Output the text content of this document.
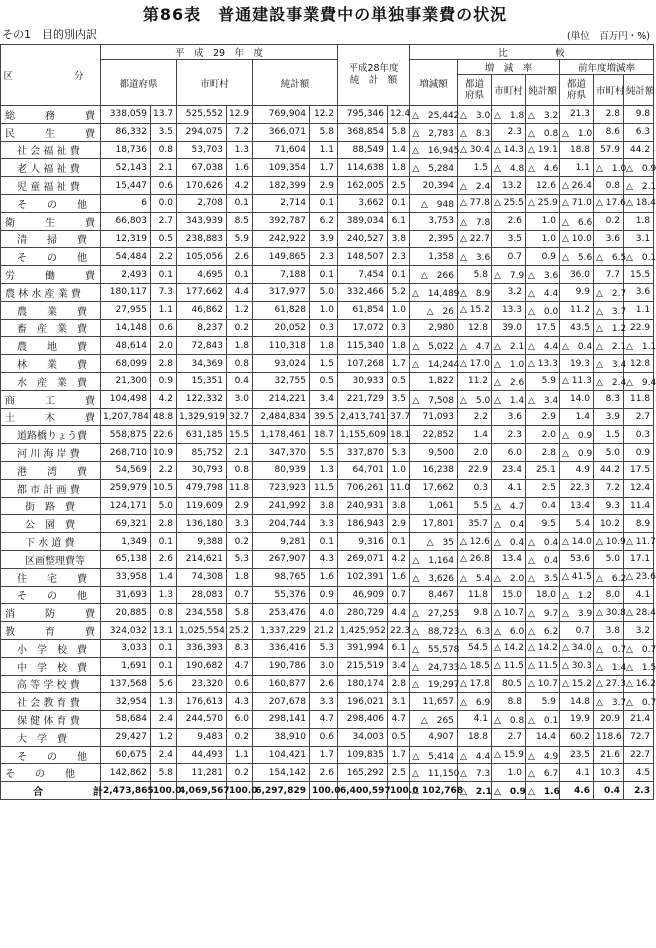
第86表　普通建設事業費中の単独事業費の状況
その1　目的別内訳	(単位　百万円・%)
区　　分	平　成　29　年　度						平成28年度
純　計　額		比　　　　　較						
	都道府県		市町村		純計額				増減額	増　減　率			前年度増減率		
										都道
府県	市町村	純計額	都道
府県	市町村	純計額
総　　　務　　　費	338,059	13.7	525,552	12.9	769,904	12.2	795,346	12.4	△　25,442	△　3.0	△　1.8	△　3.2	21.3	2.8	9.8
民　　　生　　　費	86,332	3.5	294,075	7.2	366,071	5.8	368,854	5.8	△　2,783	△　8.3	2.3	△　0.8	△　1.0	8.6	6.3
社 会 福 祉 費	18,736	0.8	53,703	1.3	71,604	1.1	88,549	1.4	△　16,945	△ 30.4	△ 14.3	△ 19.1	18.8	57.9	44.2
老 人 福 祉 費	52,143	2.1	67,038	1.6	109,354	1.7	114,638	1.8	△　5,284	1.5	△　4.8	△　4.6	1.1	△　1.0	△　0.9
児 童 福 祉 費	15,447	0.6	170,626	4.2	182,399	2.9	162,005	2.5	20,394	△　2.4	13.2	12.6	△ 26.4	0.8	△　2.1
そ　　の　　他	6	0.0	2,708	0.1	2,714	0.1	3,662	0.1	△　948	△ 77.8	△ 25.5	△ 25.9	△ 71.0	△ 17.6	△ 18.4
衛　　　生　　　費	66,803	2.7	343,939	8.5	392,787	6.2	389,034	6.1	3,753	△　7.8	2.6	1.0	△　6.6	0.2	1.8
清　　掃　　費	12,319	0.5	238,883	5.9	242,922	3.9	240,527	3.8	2,395	△ 22.7	3.5	1.0	△ 10.0	3.6	3.1
そ　　の　　他	54,484	2.2	105,056	2.6	149,865	2.3	148,507	2.3	1,358	△　3.6	0.7	0.9	△　5.6	△　6.5	△　0.1
労　　　働　　　費	2,493	0.1	4,695	0.1	7,188	0.1	7,454	0.1	△　266	5.8	△　7.9	△　3.6	36.0	7.7	15.5
農 林 水 産 業 費	180,117	7.3	177,662	4.4	317,977	5.0	332,466	5.2	△　14,489	△　8.9	3.2	△　4.4	9.9	△　2.7	3.6
農　　業　　費	27,955	1.1	46,862	1.2	61,828	1.0	61,854	1.0	△　26	△ 15.2	13.3	△　0.0	11.2	△　3.7	1.1
畜　産　業　費	14,148	0.6	8,237	0.2	20,052	0.3	17,072	0.3	2,980	12.8	39.0	17.5	43.5	△　1.2	22.9
農　　地　　費	48,614	2.0	72,843	1.8	110,318	1.8	115,340	1.8	△　5,022	△　4.7	△　2.1	△　4.4	△　0.4	△　2.1	△　1.1
林　　業　　費	68,099	2.8	34,369	0.8	93,024	1.5	107,268	1.7	△　14,244	△ 17.0	△　1.0	△ 13.3	19.3	△　3.4	12.8
水　産　業　費	21,300	0.9	15,351	0.4	32,755	0.5	30,933	0.5	1,822	11.2	△　2.6	5.9	△ 11.3	△　2.4	△　9.4
商　　　工　　　費	104,498	4.2	122,332	3.0	214,221	3.4	221,729	3.5	△　7,508	△　5.0	△　1.4	△　3.4	14.0	8.3	11.8
土　　　木　　　費	1,207,784	48.8	1,329,919	32.7	2,484,834	39.5	2,413,741	37.7	71,093	2.2	3.6	2.9	1.4	3.9	2.7
道路橋りょう費	558,875	22.6	631,185	15.5	1,178,461	18.7	1,155,609	18.1	22,852	1.4	2.3	2.0	△　0.9	1.5	0.3
河 川 海 岸 費	268,710	10.9	85,752	2.1	347,370	5.5	337,870	5.3	9,500	2.0	6.0	2.8	△　0.9	5.0	0.9
港　　湾　　費	54,569	2.2	30,793	0.8	80,939	1.3	64,701	1.0	16,238	22.9	23.4	25.1	4.9	44.2	17.5
都 市 計 画 費	259,979	10.5	479,798	11.8	723,923	11.5	706,261	11.0	17,662	0.3	4.1	2.5	22.3	7.2	12.4
街　路　費	124,171	5.0	119,609	2.9	241,992	3.8	240,931	3.8	1,061	5.5	△　4.7	0.4	13.4	9.3	11.4
公　園　費	69,321	2.8	136,180	3.3	204,744	3.3	186,943	2.9	17,801	35.7	△　0.4	9.5	5.4	10.2	8.9
下 水 道 費	1,349	0.1	9,388	0.2	9,281	0.1	9,316	0.1	△　35	△ 12.6	△　0.4	△　0.4	△ 14.0	△ 10.9	△ 11.7
区画整理費等	65,138	2.6	214,621	5.3	267,907	4.3	269,071	4.2	△　1,164	△ 26.8	13.4	△　0.4	53.6	5.0	17.1
住　　宅　　費	33,958	1.4	74,308	1.8	98,765	1.6	102,391	1.6	△　3,626	△　5.4	△　2.0	△　3.5	△ 41.5	△　6.2	△ 23.6
そ　　の　　他	31,693	1.3	28,083	0.7	55,376	0.9	46,909	0.7	8,467	11.8	15.0	18.0	△　1.2	8.0	4.1
消　　　防　　　費	20,885	0.8	234,558	5.8	253,476	4.0	280,729	4.4	△　27,253	9.8	△ 10.7	△　9.7	△　3.9	△ 30.8	△ 28.4
教　　　育　　　費	324,032	13.1	1,025,554	25.2	1,337,229	21.2	1,425,952	22.3	△　88,723	△　6.3	△　6.0	△　6.2	0.7	3.8	3.2
小　学　校　費	3,033	0.1	336,393	8.3	336,416	5.3	391,994	6.1	△　55,578	54.5	△ 14.2	△ 14.2	△ 34.0	△　0.7	△　0.7
中　学　校　費	1,691	0.1	190,682	4.7	190,786	3.0	215,519	3.4	△　24,733	△ 18.5	△ 11.5	△ 11.5	△ 30.3	△　1.4	△　1.5
高 等 学 校 費	137,568	5.6	23,320	0.6	160,877	2.6	180,174	2.8	△　19,297	△ 17.8	80.5	△ 10.7	△ 15.2	△ 27.3	△ 16.2
社 会 教 育 費	32,954	1.3	176,613	4.3	207,678	3.3	196,021	3.1	11,657	△　6.9	8.8	5.9	14.8	△　3.7	△　0.7
保 健 体 育 費	58,684	2.4	244,570	6.0	298,141	4.7	298,406	4.7	△　265	4.1	△　0.8	△　0.1	19.9	20.9	21.4
大　学　費	29,427	1.2	9,483	0.2	38,910	0.6	34,003	0.5	4,907	18.8	2.7	14.4	60.2	118.6	72.7
そ　　の　　他	60,675	2.4	44,493	1.1	104,421	1.7	109,835	1.7	△　5,414	△　4.4	△ 15.9	△　4.9	23.5	21.6	22.7
そ　　の　　他	142,862	5.8	11,281	0.2	154,142	2.6	165,292	2.5	△　11,150	△　7.3	1.0	△　6.7	4.1	10.3	4.5
合　　　　　計	2,473,865	100.0	4,069,567	100.0	6,297,829	100.0	6,400,597	100.0	△ 102,768	△　2.1	△　0.9	△　1.6	4.6	0.4	2.3
